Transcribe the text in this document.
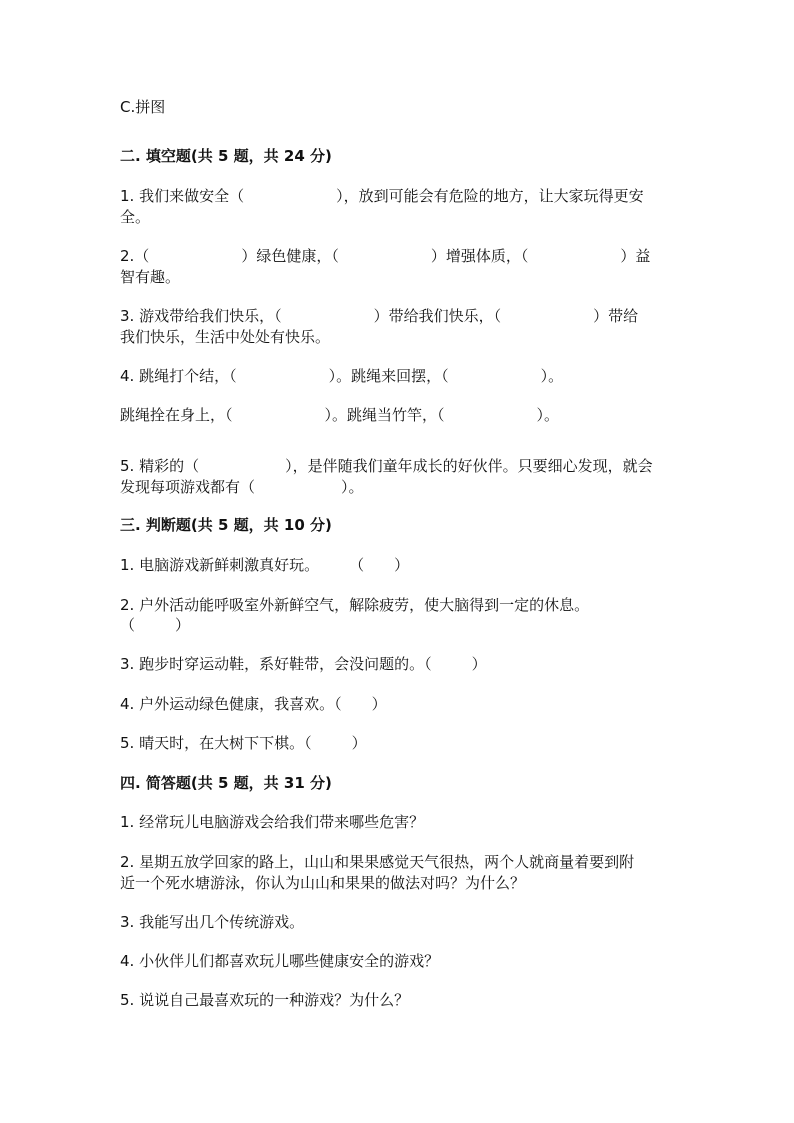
C.拼图
二. 填空题(共 5 题，共 24 分)
1. 我们来做安全（	），放到可能会有危险的地方，让大家玩得更安
全。
2.（	）绿色健康，（	）增强体质，（	）益
智有趣。
3. 游戏带给我们快乐，（	）带给我们快乐，（	）带给
我们快乐，生活中处处有快乐。
4. 跳绳打个结，（	）。跳绳来回摆，（	）。
跳绳拴在身上，（	）。跳绳当竹竿，（	）。
5. 精彩的（	），是伴随我们童年成长的好伙伴。只要细心发现，就会
发现每项游戏都有（	）。
三. 判断题(共 5 题，共 10 分)
1. 电脑游戏新鲜刺激真好玩。 （ ）
2. 户外活动能呼吸室外新鲜空气，解除疲劳，使大脑得到一定的休息。
（	）
3. 跑步时穿运动鞋，系好鞋带，会没问题的。（	）
4. 户外运动绿色健康，我喜欢。（ ）
5. 晴天时，在大树下下棋。（	）
四. 简答题(共 5 题，共 31 分)
1. 经常玩儿电脑游戏会给我们带来哪些危害？
2. 星期五放学回家的路上，山山和果果感觉天气很热，两个人就商量着要到附
近一个死水塘游泳，你认为山山和果果的做法对吗？为什么？
3. 我能写出几个传统游戏。
4. 小伙伴儿们都喜欢玩儿哪些健康安全的游戏？
5. 说说自己最喜欢玩的一种游戏？为什么？
